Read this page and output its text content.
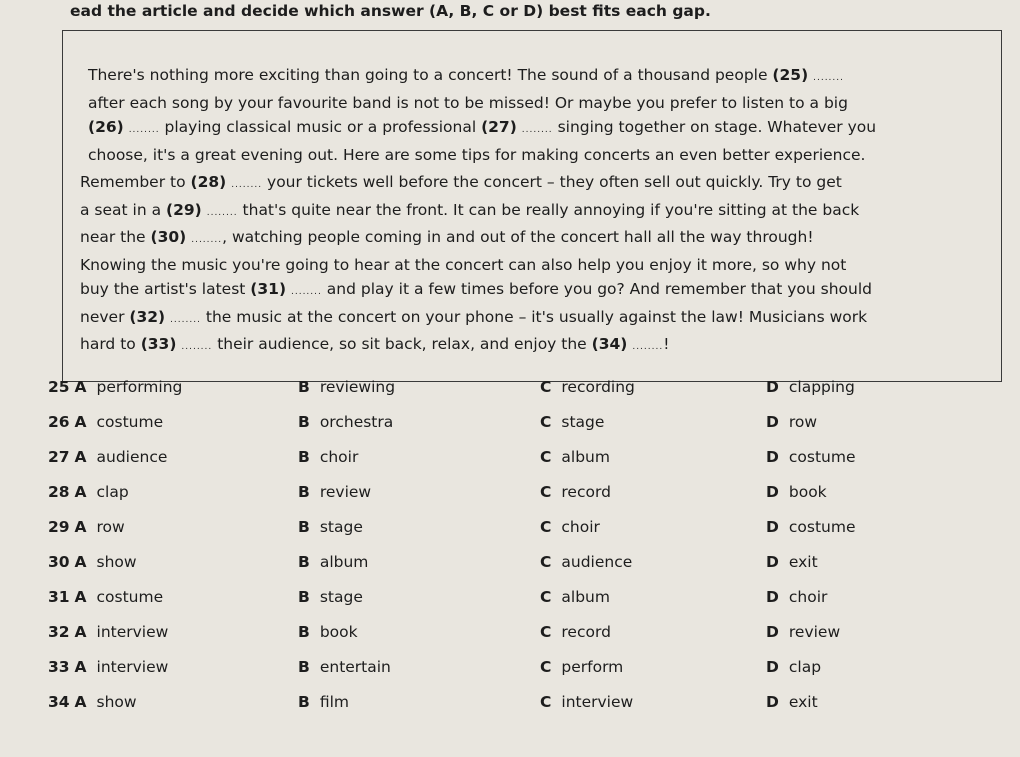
ead the article and decide which answer (A, B, C or D) best fits each gap.
There's nothing more exciting than going to a concert! The sound of a thousand people (25) ........
after each song by your favourite band is not to be missed! Or maybe you prefer to listen to a big
(26) ........ playing classical music or a professional (27) ........ singing together on stage. Whatever you
choose, it's a great evening out. Here are some tips for making concerts an even better experience.
Remember to (28) ........ your tickets well before the concert – they often sell out quickly. Try to get
a seat in a (29) ........ that's quite near the front. It can be really annoying if you're sitting at the back
near the (30) ........, watching people coming in and out of the concert hall all the way through!
Knowing the music you're going to hear at the concert can also help you enjoy it more, so why not
buy the artist's latest (31) ........ and play it a few times before you go? And remember that you should
never (32) ........ the music at the concert on your phone – it's usually against the law! Musicians work
hard to (33) ........ their audience, so sit back, relax, and enjoy the (34) ........!
25 A performing	B reviewing	C recording	D clapping
26 A costume	B orchestra	C stage	D row
27 A audience	B choir	C album	D costume
28 A clap	B review	C record	D book
29 A row	B stage	C choir	D costume
30 A show	B album	C audience	D exit
31 A costume	B stage	C album	D choir
32 A interview	B book	C record	D review
33 A interview	B entertain	C perform	D clap
34 A show	B film	C interview	D exit
